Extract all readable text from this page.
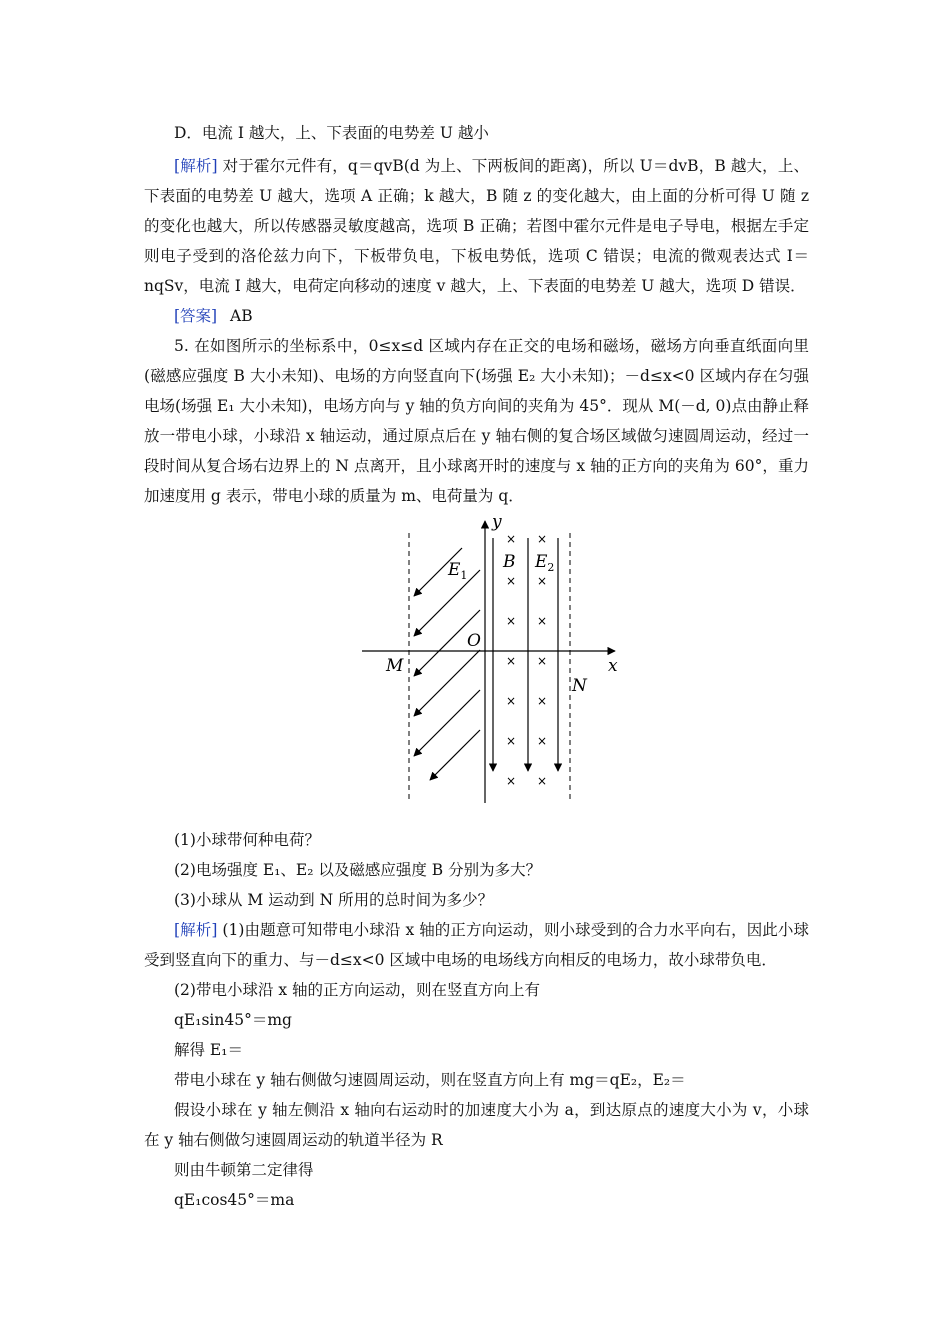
D．电流 I 越大，上、下表面的电势差 U 越小

[解析] 对于霍尔元件有，q＝qvB(d 为上、下两板间的距离)，所以 U＝dvB，B 越大，上、下表面的电势差 U 越大，选项 A 正确；k 越大，B 随 z 的变化越大，由上面的分析可得 U 随 z 的变化也越大，所以传感器灵敏度越高，选项 B 正确；若图中霍尔元件是电子导电，根据左手定则电子受到的洛伦兹力向下，下板带负电，下板电势低，选项 C 错误；电流的微观表达式 I＝nqSv，电流 I 越大，电荷定向移动的速度 v 越大，上、下表面的电势差 U 越大，选项 D 错误．

[答案] AB

5. 在如图所示的坐标系中，0≤x≤d 区域内存在正交的电场和磁场，磁场方向垂直纸面向里(磁感应强度 B 大小未知)、电场的方向竖直向下(场强 E₂ 大小未知)；－d≤x<0 区域内存在匀强电场(场强 E₁ 大小未知)，电场方向与 y 轴的负方向间的夹角为 45°．现从 M(－d, 0)点由静止释放一带电小球，小球沿 x 轴运动，通过原点后在 y 轴右侧的复合场区域做匀速圆周运动，经过一段时间从复合场右边界上的 N 点离开，且小球离开时的速度与 x 轴的正方向的夹角为 60°，重力加速度用 g 表示，带电小球的质量为 m、电荷量为 q．

× ×
× ×
× ×
× ×
× ×
× ×
× ×
y
x
O
M
N
B
$E_1$
$E_2$

(1)小球带何种电荷？

(2)电场强度 E₁、E₂ 以及磁感应强度 B 分别为多大？

(3)小球从 M 运动到 N 所用的总时间为多少？

[解析] (1)由题意可知带电小球沿 x 轴的正方向运动，则小球受到的合力水平向右，因此小球受到竖直向下的重力、与－d≤x<0 区域中电场的电场线方向相反的电场力，故小球带负电．

(2)带电小球沿 x 轴的正方向运动，则在竖直方向上有

qE₁sin45°＝mg

解得 E₁＝

带电小球在 y 轴右侧做匀速圆周运动，则在竖直方向上有 mg＝qE₂，E₂＝

假设小球在 y 轴左侧沿 x 轴向右运动时的加速度大小为 a，到达原点的速度大小为 v，小球在 y 轴右侧做匀速圆周运动的轨道半径为 R

则由牛顿第二定律得

qE₁cos45°＝ma
